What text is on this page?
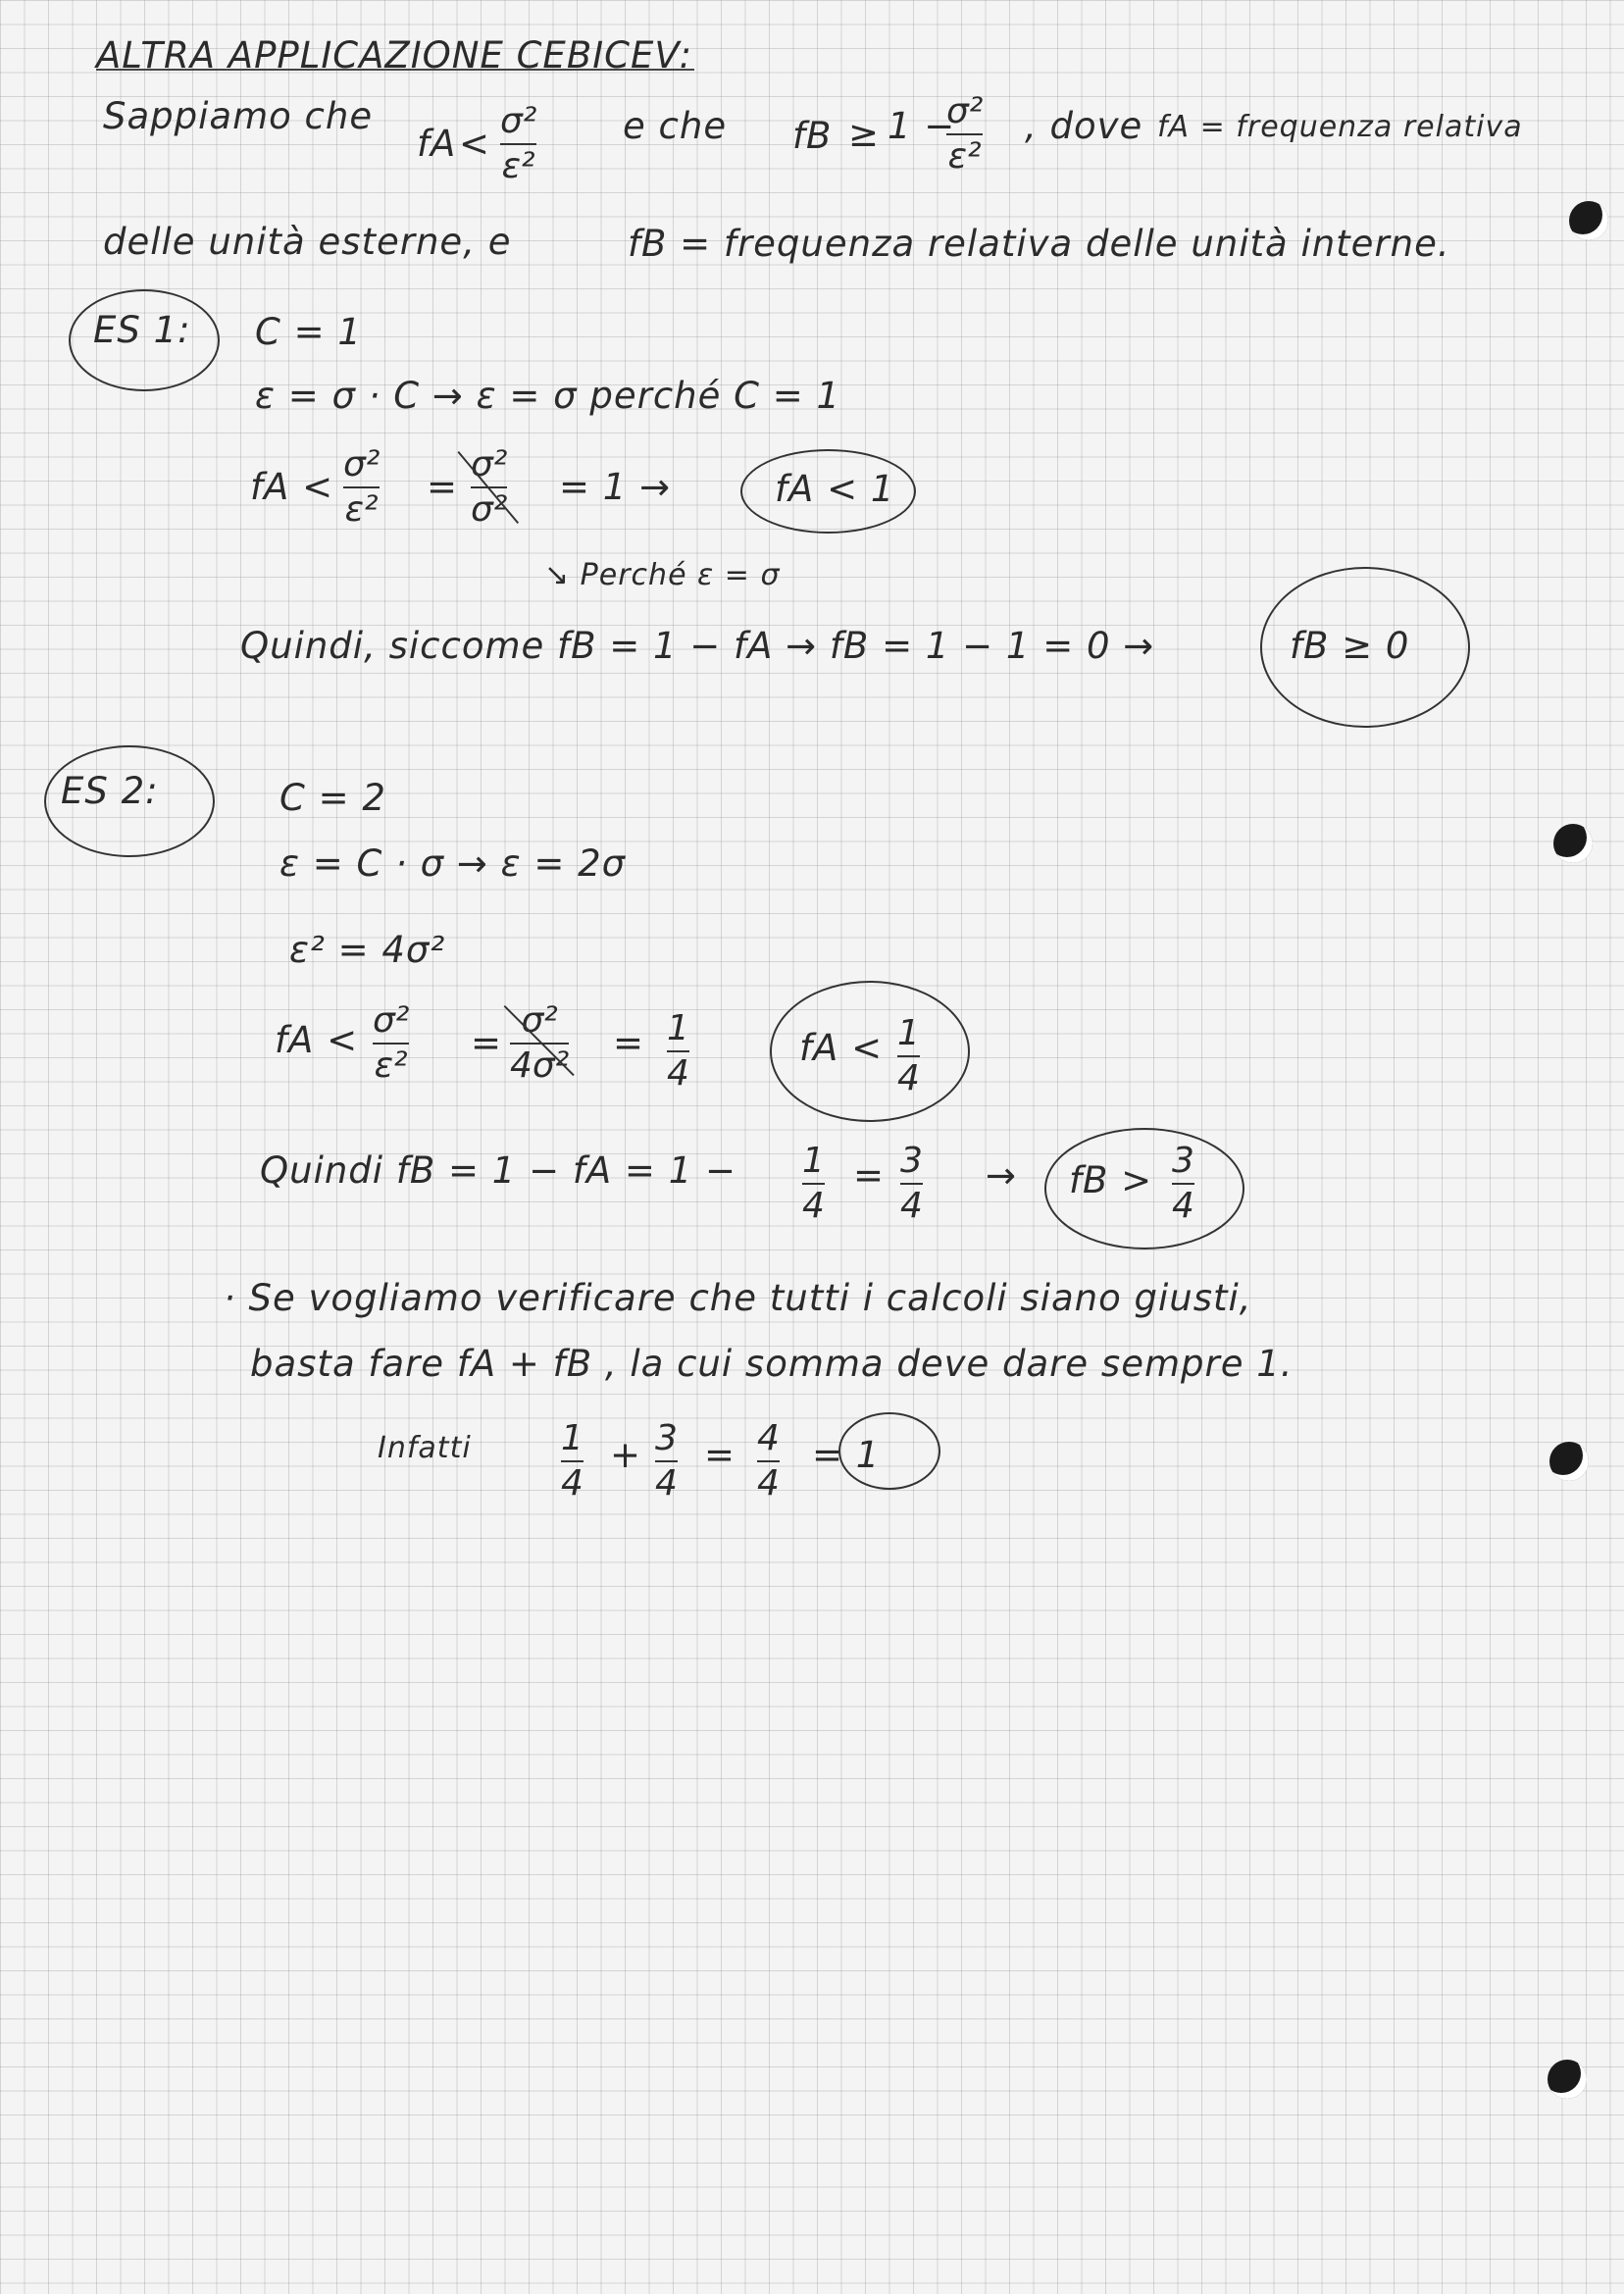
ALTRA APPLICAZIONE CEBICEV:
Sappiamo che
fA <
σ²
ε²
e che fB ≥ 1 −
σ²
ε²
, dove fA = frequenza relativa
delle unità esterne, e	fB = frequenza relativa delle unità interne.
ES 1: C = 1
ε = σ · C → ε = σ perché C = 1
fA <
σ²
ε²
=
σ²
σ²
= 1 →	fA < 1
↘ Perché ε = σ
Quindi, siccome fB = 1 − fA → fB = 1 − 1 = 0 →	fB ≥ 0
ES 2:	C = 2
ε = C · σ → ε = 2σ
ε² = 4σ²
fA < σ²
ε²
=
σ²
4σ²
= 1
4
fA < 1
4
Quindi fB = 1 − fA = 1 − 1
4
= 3
4
→ fB > 3
4
· Se vogliamo verificare che tutti i calcoli siano giusti,
basta fare fA + fB , la cui somma deve dare sempre 1.
Infatti	1
4
+ 3
4
= 4
4
= 1
